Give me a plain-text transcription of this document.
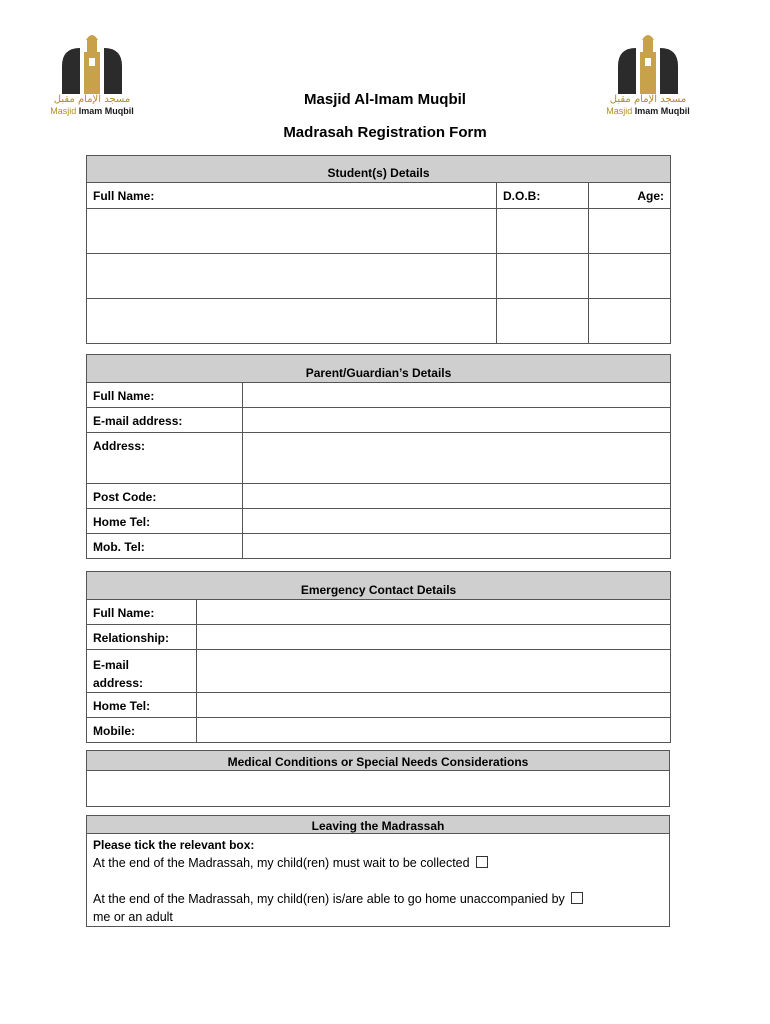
مسجد الإمام مقبل
Masjid Imam Muqbil
مسجد الإمام مقبل
Masjid Imam Muqbil
Masjid Al-Imam Muqbil
Madrasah Registration Form
Student(s) Details		
Full Name:	D.O.B:	Age:

Parent/Guardian’s Details	
Full Name:	
E-mail address:	
Address:	
Post Code:	
Home Tel:	
Mob. Tel:	
Emergency Contact Details	
Full Name:	
Relationship:	
E-mail
address:	
Home Tel:	
Mobile:	
Medical Conditions or Special Needs Considerations

Leaving the Madrassah

Please tick the relevant box:
At the end of the Madrassah, my child(ren) must wait to be collected
At the end of the Madrassah, my child(ren) is/are able to go home unaccompanied by
me or an adult
